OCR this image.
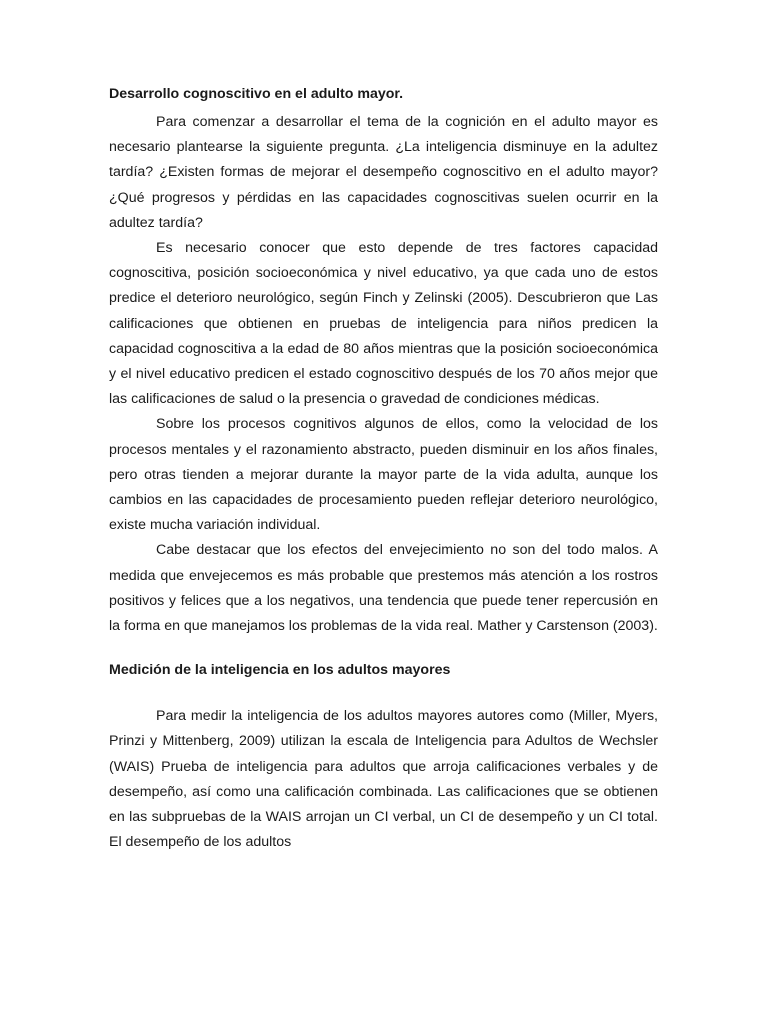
Desarrollo cognoscitivo en el adulto mayor.

Para comenzar a desarrollar el tema de la cognición en el adulto mayor es necesario plantearse la siguiente pregunta. ¿La inteligencia disminuye en la adultez tardía? ¿Existen formas de mejorar el desempeño cognoscitivo en el adulto mayor? ¿Qué progresos y pérdidas en las capacidades cognoscitivas suelen ocurrir en la adultez tardía?

Es necesario conocer que esto depende de tres factores capacidad cognoscitiva, posición socioeconómica y nivel educativo, ya que cada uno de estos predice el deterioro neurológico, según Finch y Zelinski (2005). Descubrieron que Las calificaciones que obtienen en pruebas de inteligencia para niños predicen la capacidad cognoscitiva a la edad de 80 años mientras que la posición socioeconómica y el nivel educativo predicen el estado cognoscitivo después de los 70 años mejor que las calificaciones de salud o la presencia o gravedad de condiciones médicas.

Sobre los procesos cognitivos algunos de ellos, como la velocidad de los procesos mentales y el razonamiento abstracto, pueden disminuir en los años finales, pero otras tienden a mejorar durante la mayor parte de la vida adulta, aunque los cambios en las capacidades de procesamiento pueden reflejar deterioro neurológico, existe mucha variación individual.

Cabe destacar que los efectos del envejecimiento no son del todo malos. A medida que envejecemos es más probable que prestemos más atención a los rostros positivos y felices que a los negativos, una tendencia que puede tener repercusión en la forma en que manejamos los problemas de la vida real. Mather y Carstenson (2003).

Medición de la inteligencia en los adultos mayores

Para medir la inteligencia de los adultos mayores autores como (Miller, Myers, Prinzi y Mittenberg, 2009) utilizan la escala de Inteligencia para Adultos de Wechsler (WAIS) Prueba de inteligencia para adultos que arroja calificaciones verbales y de desempeño, así como una calificación combinada. Las calificaciones que se obtienen en las subpruebas de la WAIS arrojan un CI verbal, un CI de desempeño y un CI total. El desempeño de los adultos
